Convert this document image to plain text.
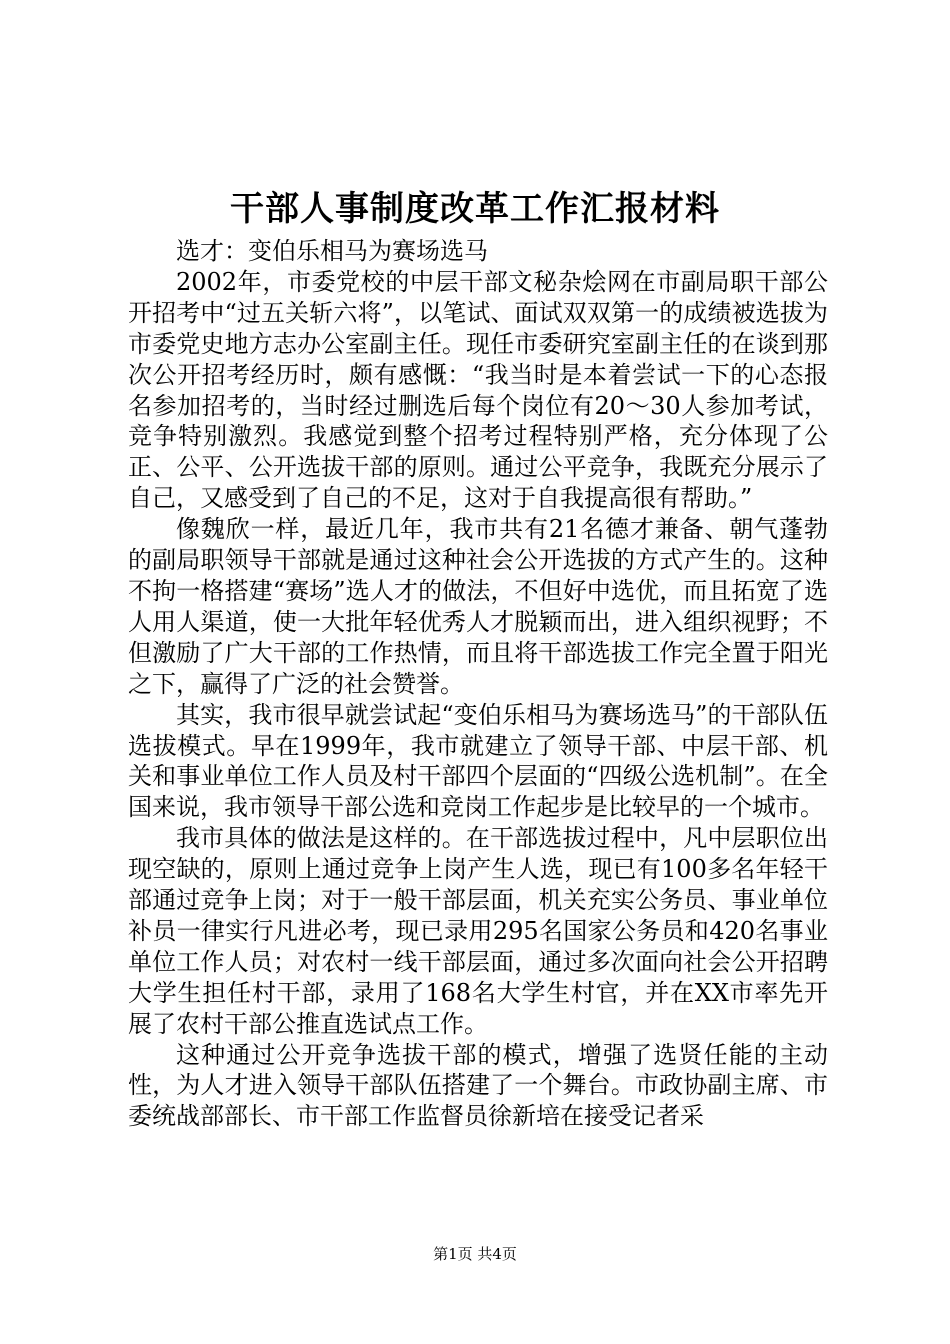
干部人事制度改革工作汇报材料

选才：变伯乐相马为赛场选马

2002年，市委党校的中层干部文秘杂烩网在市副局职干部公开招考中“过五关斩六将”，以笔试、面试双双第一的成绩被选拔为市委党史地方志办公室副主任。现任市委研究室副主任的在谈到那次公开招考经历时，颇有感慨：“我当时是本着尝试一下的心态报名参加招考的，当时经过删选后每个岗位有20～30人参加考试，竞争特别激烈。我感觉到整个招考过程特别严格，充分体现了公正、公平、公开选拔干部的原则。通过公平竞争，我既充分展示了自己，又感受到了自己的不足，这对于自我提高很有帮助。”

像魏欣一样，最近几年，我市共有21名德才兼备、朝气蓬勃的副局职领导干部就是通过这种社会公开选拔的方式产生的。这种不拘一格搭建“赛场”选人才的做法，不但好中选优，而且拓宽了选人用人渠道，使一大批年轻优秀人才脱颖而出，进入组织视野；不但激励了广大干部的工作热情，而且将干部选拔工作完全置于阳光之下，赢得了广泛的社会赞誉。

其实，我市很早就尝试起“变伯乐相马为赛场选马”的干部队伍选拔模式。早在1999年，我市就建立了领导干部、中层干部、机关和事业单位工作人员及村干部四个层面的“四级公选机制”。在全国来说，我市领导干部公选和竞岗工作起步是比较早的一个城市。

我市具体的做法是这样的。在干部选拔过程中，凡中层职位出现空缺的，原则上通过竞争上岗产生人选，现已有100多名年轻干部通过竞争上岗；对于一般干部层面，机关充实公务员、事业单位补员一律实行凡进必考，现已录用295名国家公务员和420名事业单位工作人员；对农村一线干部层面，通过多次面向社会公开招聘大学生担任村干部，录用了168名大学生村官，并在XX市率先开展了农村干部公推直选试点工作。

这种通过公开竞争选拔干部的模式，增强了选贤任能的主动性，为人才进入领导干部队伍搭建了一个舞台。市政协副主席、市委统战部部长、市干部工作监督员徐新培在接受记者采

第1页 共4页
